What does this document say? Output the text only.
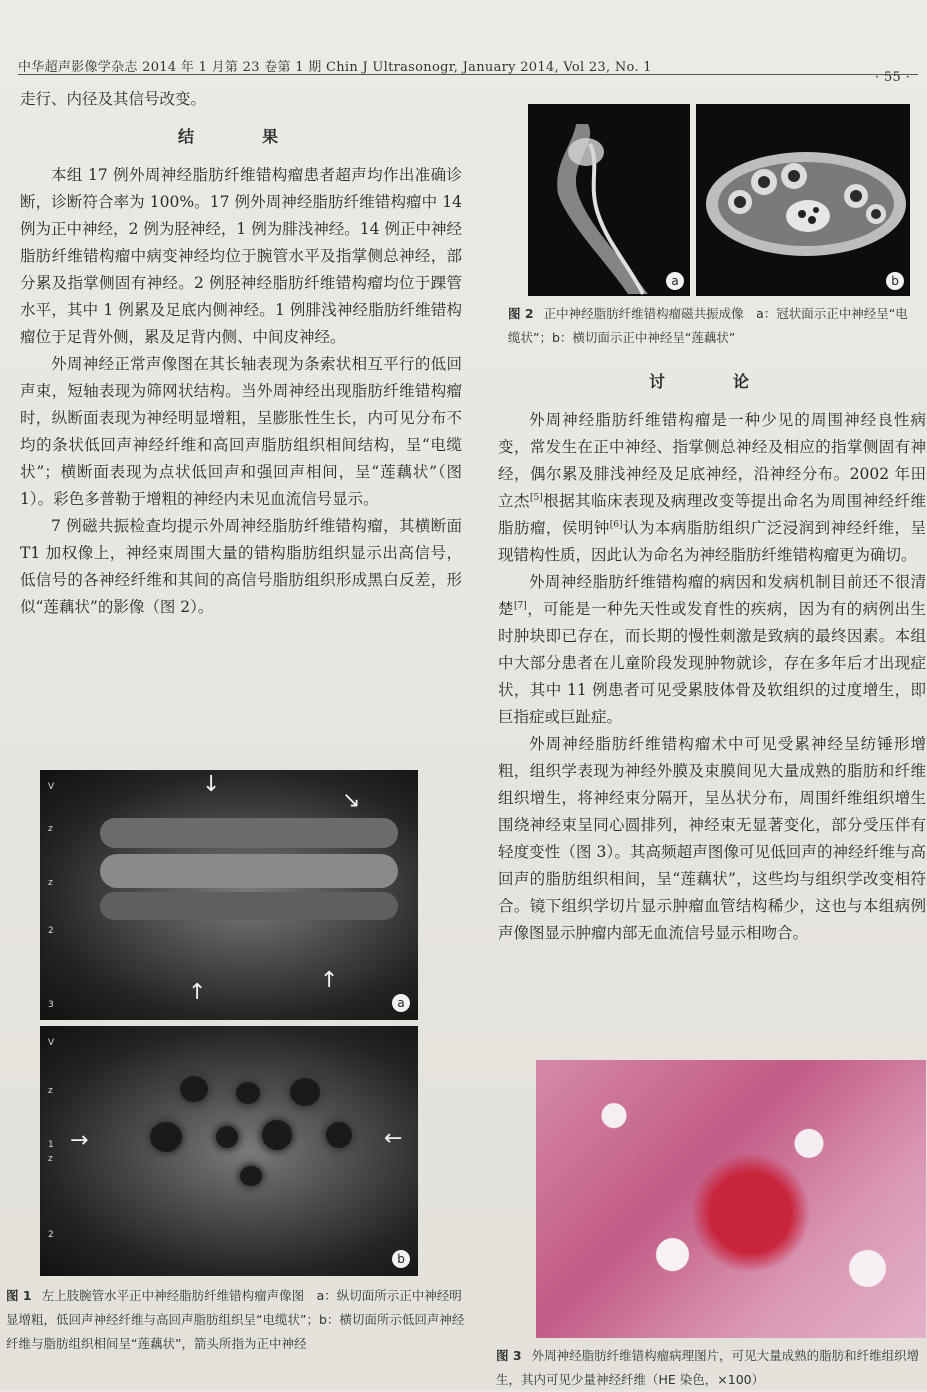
中华超声影像学杂志 2014 年 1 月第 23 卷第 1 期 Chin J Ultrasonogr, January 2014, Vol 23, No. 1
· 55 ·

走行、内径及其信号改变。

结　果

本组 17 例外周神经脂肪纤维错构瘤患者超声均作出准确诊断，诊断符合率为 100%。17 例外周神经脂肪纤维错构瘤中 14 例为正中神经，2 例为胫神经，1 例为腓浅神经。14 例正中神经脂肪纤维错构瘤中病变神经均位于腕管水平及指掌侧总神经，部分累及指掌侧固有神经。2 例胫神经脂肪纤维错构瘤均位于踝管水平，其中 1 例累及足底内侧神经。1 例腓浅神经脂肪纤维错构瘤位于足背外侧，累及足背内侧、中间皮神经。

外周神经正常声像图在其长轴表现为条索状相互平行的低回声束，短轴表现为筛网状结构。当外周神经出现脂肪纤维错构瘤时，纵断面表现为神经明显增粗，呈膨胀性生长，内可见分布不均的条状低回声神经纤维和高回声脂肪组织相间结构，呈“电缆状”；横断面表现为点状低回声和强回声相间，呈“莲藕状”（图 1）。彩色多普勒于增粗的神经内未见血流信号显示。

7 例磁共振检查均提示外周神经脂肪纤维错构瘤，其横断面 T1 加权像上，神经束周围大量的错构脂肪组织显示出高信号，低信号的各神经纤维和其间的高信号脂肪组织形成黑白反差，形似“莲藕状”的影像（图 2）。

V
z
z
2
3
↓
↘
↑	↑
a
V
z
1
z
2
→	←
b
图 1 左上肢腕管水平正中神经脂肪纤维错构瘤声像图　a：纵切面所示正中神经明显增粗，低回声神经纤维与高回声脂肪组织呈“电缆状”；b：横切面所示低回声神经纤维与脂肪组织相间呈“莲藕状”，箭头所指为正中神经
a	b
图 2 正中神经脂肪纤维错构瘤磁共振成像　a：冠状面示正中神经呈“电缆状”；b：横切面示正中神经呈“莲藕状”

讨　论

外周神经脂肪纤维错构瘤是一种少见的周围神经良性病变，常发生在正中神经、指掌侧总神经及相应的指掌侧固有神经，偶尔累及腓浅神经及足底神经，沿神经分布。2002 年田立杰[5]根据其临床表现及病理改变等提出命名为周围神经纤维脂肪瘤，侯明钟[6]认为本病脂肪组织广泛浸润到神经纤维，呈现错构性质，因此认为命名为神经脂肪纤维错构瘤更为确切。

外周神经脂肪纤维错构瘤的病因和发病机制目前还不很清楚[7]，可能是一种先天性或发育性的疾病，因为有的病例出生时肿块即已存在，而长期的慢性刺激是致病的最终因素。本组中大部分患者在儿童阶段发现肿物就诊，存在多年后才出现症状，其中 11 例患者可见受累肢体骨及软组织的过度增生，即巨指症或巨趾症。

外周神经脂肪纤维错构瘤术中可见受累神经呈纺锤形增粗，组织学表现为神经外膜及束膜间见大量成熟的脂肪和纤维组织增生，将神经束分隔开，呈丛状分布，周围纤维组织增生围绕神经束呈同心圆排列，神经束无显著变化，部分受压伴有轻度变性（图 3）。其高频超声图像可见低回声的神经纤维与高回声的脂肪组织相间，呈“莲藕状”，这些均与组织学改变相符合。镜下组织学切片显示肿瘤血管结构稀少，这也与本组病例声像图显示肿瘤内部无血流信号显示相吻合。

图 3 外周神经脂肪纤维错构瘤病理图片，可见大量成熟的脂肪和纤维组织增生，其内可见少量神经纤维（HE 染色，×100）
